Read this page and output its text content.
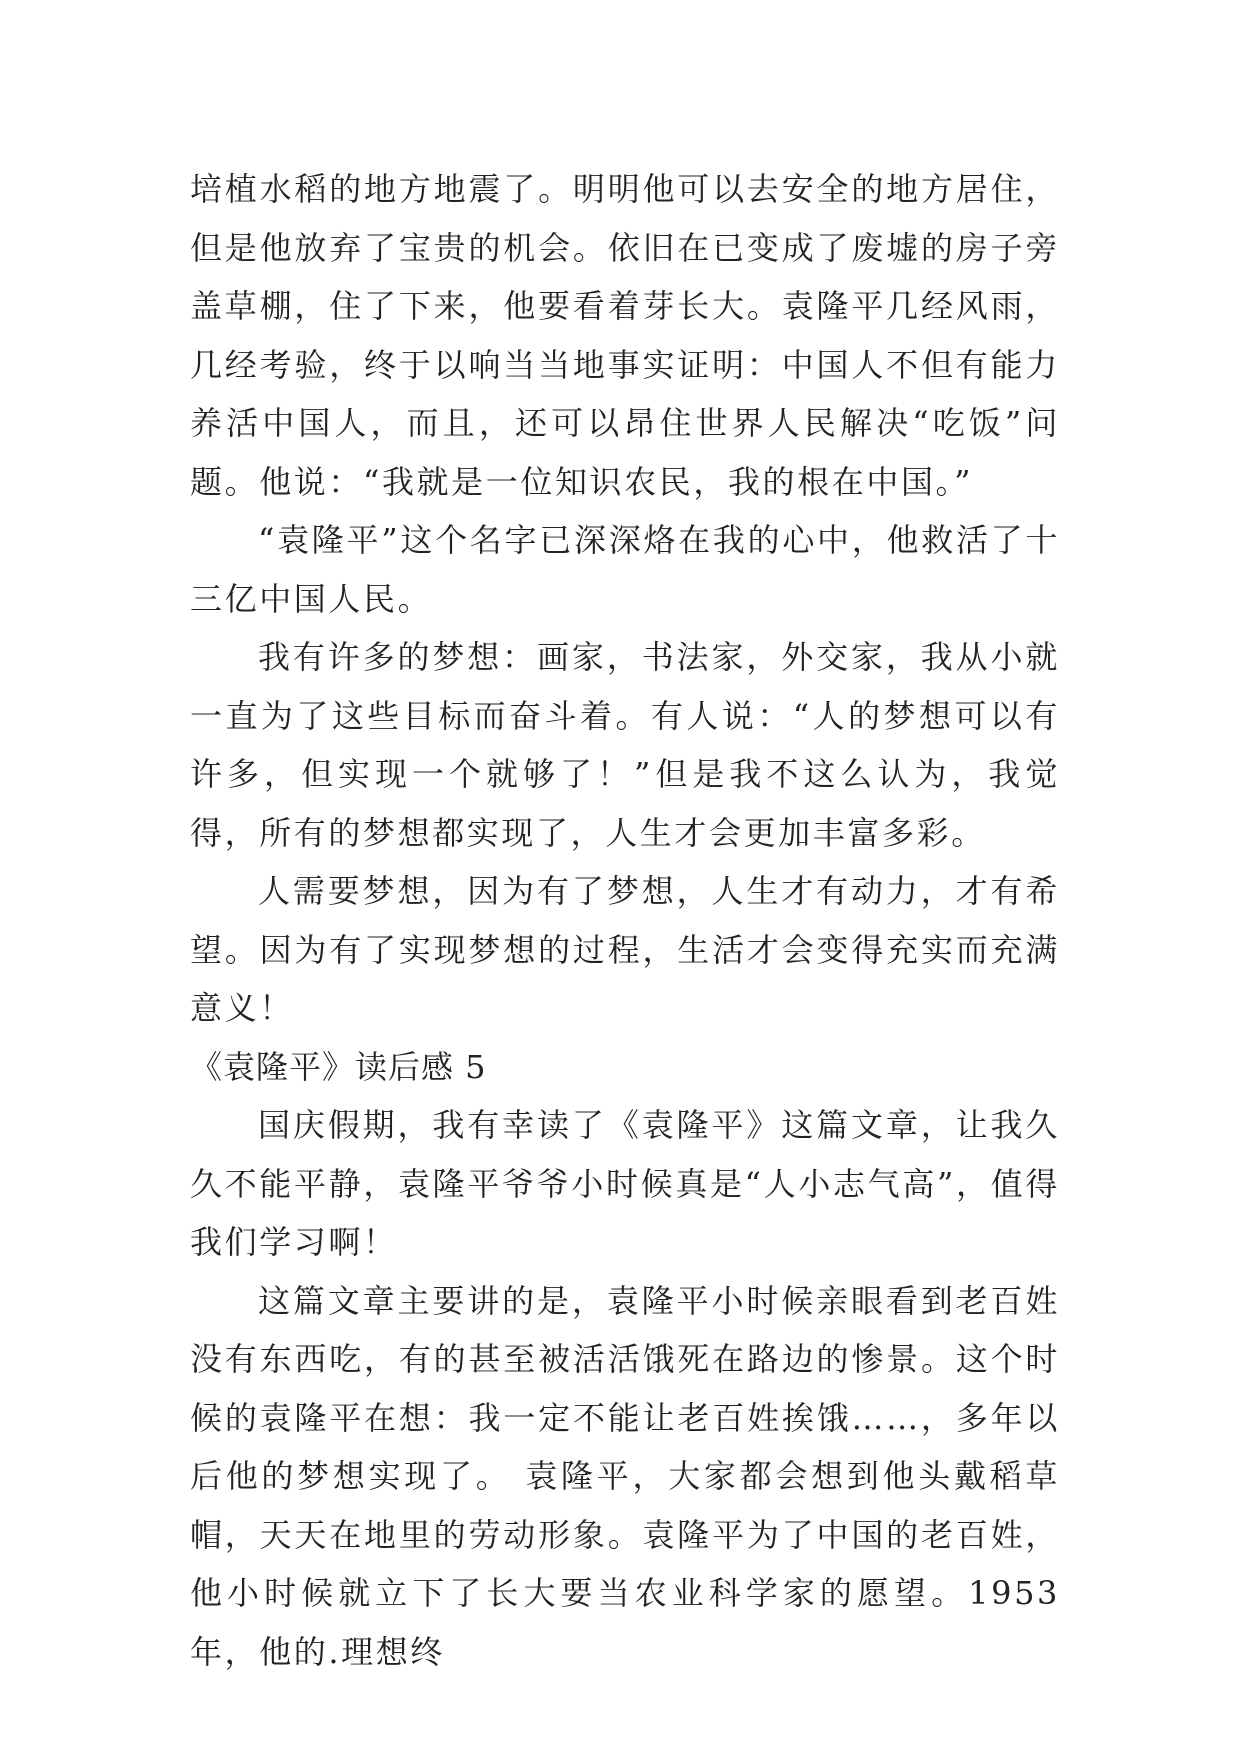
培植水稻的地方地震了。明明他可以去安全的地方居住，但是他放弃了宝贵的机会。依旧在已变成了废墟的房子旁盖草棚，住了下来，他要看着芽长大。袁隆平几经风雨，几经考验，终于以响当当地事实证明：中国人不但有能力养活中国人，而且，还可以昂住世界人民解决“吃饭”问题。他说：“我就是一位知识农民，我的根在中国。”

“袁隆平”这个名字已深深烙在我的心中，他救活了十三亿中国人民。

我有许多的梦想：画家，书法家，外交家，我从小就一直为了这些目标而奋斗着。有人说：“人的梦想可以有许多，但实现一个就够了！”但是我不这么认为，我觉得，所有的梦想都实现了，人生才会更加丰富多彩。

人需要梦想，因为有了梦想，人生才有动力，才有希望。因为有了实现梦想的过程，生活才会变得充实而充满意义！

《袁隆平》读后感 5

国庆假期，我有幸读了《袁隆平》这篇文章，让我久久不能平静，袁隆平爷爷小时候真是“人小志气高”，值得我们学习啊！

这篇文章主要讲的是，袁隆平小时候亲眼看到老百姓没有东西吃，有的甚至被活活饿死在路边的惨景。这个时候的袁隆平在想：我一定不能让老百姓挨饿……，多年以后他的梦想实现了。 袁隆平，大家都会想到他头戴稻草帽，天天在地里的劳动形象。袁隆平为了中国的老百姓，他小时候就立下了长大要当农业科学家的愿望。1953 年，他的.理想终
